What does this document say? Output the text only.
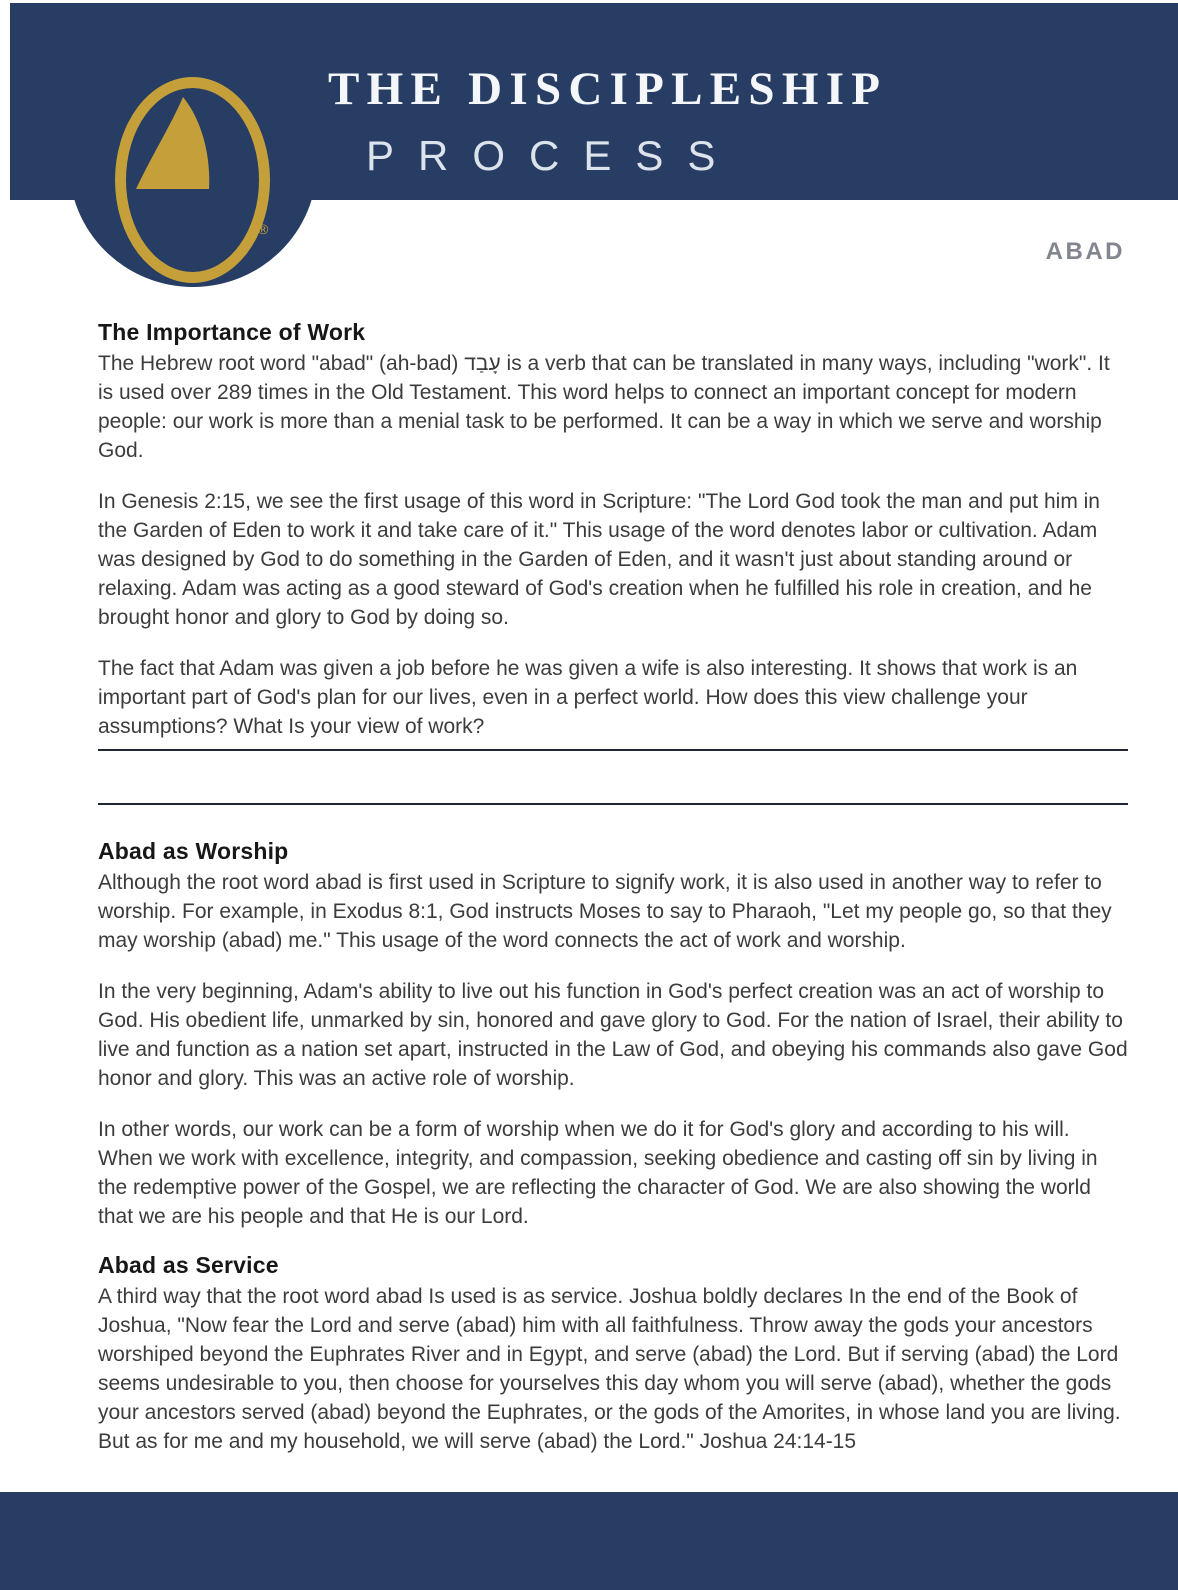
®
THE DISCIPLESHIP
PROCESS
ABAD
The Importance of Work

The Hebrew root word "abad" (ah-bad) עָבַד is a verb that can be translated in many ways, including "work". It is used over 289 times in the Old Testament. This word helps to connect an important concept for modern people: our work is more than a menial task to be performed. It can be a way in which we serve and worship God.

In Genesis 2:15, we see the first usage of this word in Scripture: "The Lord God took the man and put him in the Garden of Eden to work it and take care of it." This usage of the word denotes labor or cultivation. Adam was designed by God to do something in the Garden of Eden, and it wasn't just about standing around or relaxing. Adam was acting as a good steward of God's creation when he fulfilled his role in creation, and he brought honor and glory to God by doing so.

The fact that Adam was given a job before he was given a wife is also interesting. It shows that work is an important part of God's plan for our lives, even in a perfect world. How does this view challenge your assumptions? What Is your view of work?

Abad as Worship

Although the root word abad is first used in Scripture to signify work, it is also used in another way to refer to worship. For example, in Exodus 8:1, God instructs Moses to say to Pharaoh, "Let my people go, so that they may worship (abad) me." This usage of the word connects the act of work and worship.

In the very beginning, Adam's ability to live out his function in God's perfect creation was an act of worship to God. His obedient life, unmarked by sin, honored and gave glory to God. For the nation of Israel, their ability to live and function as a nation set apart, instructed in the Law of God, and obeying his commands also gave God honor and glory. This was an active role of worship.

In other words, our work can be a form of worship when we do it for God's glory and according to his will. When we work with excellence, integrity, and compassion, seeking obedience and casting off sin by living in the redemptive power of the Gospel, we are reflecting the character of God. We are also showing the world that we are his people and that He is our Lord.

Abad as Service

A third way that the root word abad Is used is as service. Joshua boldly declares In the end of the Book of Joshua, "Now fear the Lord and serve (abad) him with all faithfulness. Throw away the gods your ancestors worshiped beyond the Euphrates River and in Egypt, and serve (abad) the Lord. But if serving (abad) the Lord seems undesirable to you, then choose for yourselves this day whom you will serve (abad), whether the gods your ancestors served (abad) beyond the Euphrates, or the gods of the Amorites, in whose land you are living. But as for me and my household, we will serve (abad) the Lord." Joshua 24:14-15
